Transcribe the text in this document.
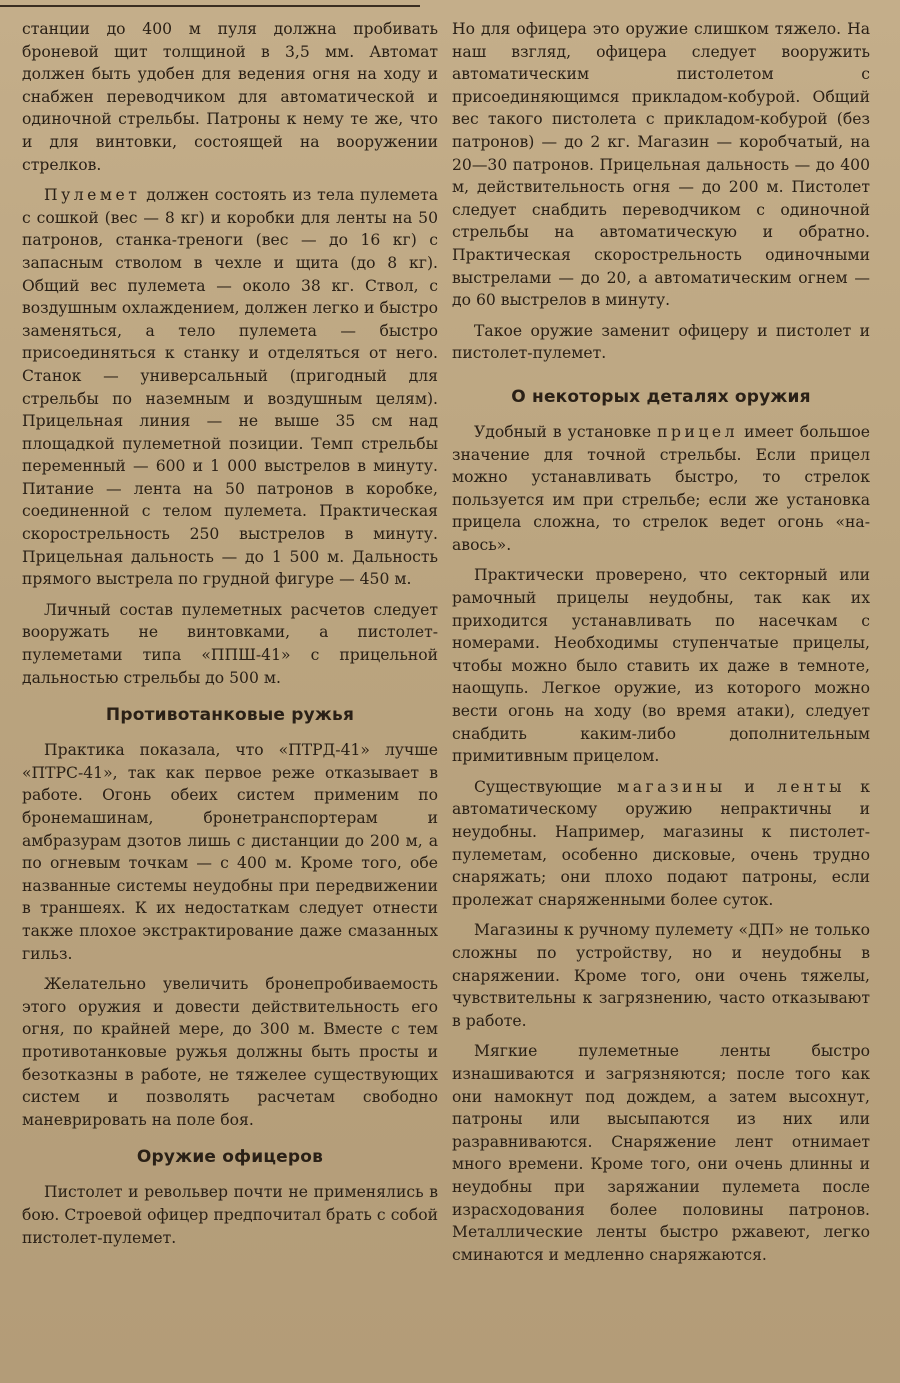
станции до 400 м пуля должна пробивать броневой щит толщиной в 3,5 мм. Автомат должен быть удобен для ведения огня на ходу и снабжен переводчиком для автоматической и одиночной стрельбы. Патроны к нему те же, что и для винтовки, состоящей на вооружении стрелков.

Пулемет должен состоять из тела пулемета с сошкой (вес — 8 кг) и коробки для ленты на 50 патронов, станка-треноги (вес — до 16 кг) с запасным стволом в чехле и щита (до 8 кг). Общий вес пулемета — около 38 кг. Ствол, с воздушным охлаждением, должен легко и быстро заменяться, а тело пулемета — быстро присоединяться к станку и отделяться от него. Станок — универсальный (пригодный для стрельбы по наземным и воздушным целям). Прицельная линия — не выше 35 см над площадкой пулеметной позиции. Темп стрельбы переменный — 600 и 1 000 выстрелов в минуту. Питание — лента на 50 патронов в коробке, соединенной с телом пулемета. Практическая скорострельность 250 выстрелов в минуту. Прицельная дальность — до 1 500 м. Дальность прямого выстрела по грудной фигуре — 450 м.

Личный состав пулеметных расчетов следует вооружать не винтовками, а пистолет-пулеметами типа «ППШ-41» с прицельной дальностью стрельбы до 500 м.

Противотанковые ружья

Практика показала, что «ПТРД-41» лучше «ПТРС-41», так как первое реже отказывает в работе. Огонь обеих систем применим по бронемашинам, бронетранспортерам и амбразурам дзотов лишь с дистанции до 200 м, а по огневым точкам — с 400 м. Кроме того, обе названные системы неудобны при передвижении в траншеях. К их недостаткам следует отнести также плохое экстрактирование даже смазанных гильз.

Желательно увеличить бронепробиваемость этого оружия и довести действительность его огня, по крайней мере, до 300 м. Вместе с тем противотанковые ружья должны быть просты и безотказны в работе, не тяжелее существующих систем и позволять расчетам свободно маневрировать на поле боя.

Оружие офицеров

Пистолет и револьвер почти не применялись в бою. Строевой офицер предпочитал брать с собой пистолет-пулемет.

Но для офицера это оружие слишком тяжело. На наш взгляд, офицера следует вооружить автоматическим пистолетом с присоединяющимся прикладом-кобурой. Общий вес такого пистолета с прикладом-кобурой (без патронов) — до 2 кг. Магазин — коробчатый, на 20—30 патронов. Прицельная дальность — до 400 м, действительность огня — до 200 м. Пистолет следует снабдить переводчиком с одиночной стрельбы на автоматическую и обратно. Практическая скорострельность одиночными выстрелами — до 20, а автоматическим огнем — до 60 выстрелов в минуту.

Такое оружие заменит офицеру и пистолет и пистолет-пулемет.

О некоторых деталях оружия

Удобный в установке прицел имеет большое значение для точной стрельбы. Если прицел можно устанавливать быстро, то стрелок пользуется им при стрельбе; если же установка прицела сложна, то стрелок ведет огонь «на-авось».

Практически проверено, что секторный или рамочный прицелы неудобны, так как их приходится устанавливать по насечкам с номерами. Необходимы ступенчатые прицелы, чтобы можно было ставить их даже в темноте, наощупь. Легкое оружие, из которого можно вести огонь на ходу (во время атаки), следует снабдить каким-либо дополнительным примитивным прицелом.

Существующие магазины и ленты к автоматическому оружию непрактичны и неудобны. Например, магазины к пистолет-пулеметам, особенно дисковые, очень трудно снаряжать; они плохо подают патроны, если пролежат снаряженными более суток.

Магазины к ручному пулемету «ДП» не только сложны по устройству, но и неудобны в снаряжении. Кроме того, они очень тяжелы, чувствительны к загрязнению, часто отказывают в работе.

Мягкие пулеметные ленты быстро изнашиваются и загрязняются; после того как они намокнут под дождем, а затем высохнут, патроны или высыпаются из них или разравниваются. Снаряжение лент отнимает много времени. Кроме того, они очень длинны и неудобны при заряжании пулемета после израсходования более половины патронов. Металлические ленты быстро ржавеют, легко сминаются и медленно снаряжаются.
